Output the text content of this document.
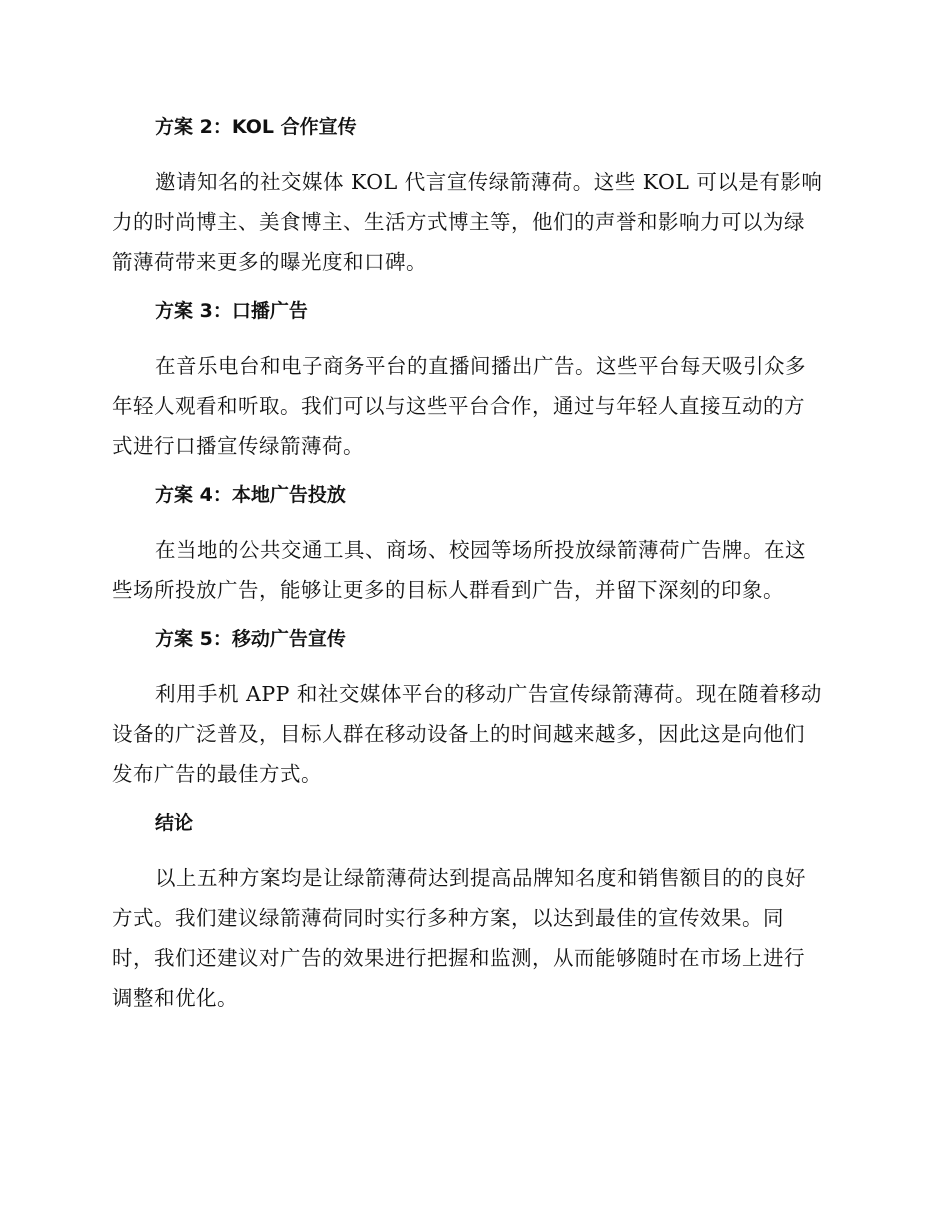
方案 2：KOL 合作宣传
邀请知名的社交媒体 KOL 代言宣传绿箭薄荷。这些 KOL 可以是有影响
力的时尚博主、美食博主、生活方式博主等，他们的声誉和影响力可以为绿
箭薄荷带来更多的曝光度和口碑。
方案 3：口播广告
在音乐电台和电子商务平台的直播间播出广告。这些平台每天吸引众多
年轻人观看和听取。我们可以与这些平台合作，通过与年轻人直接互动的方
式进行口播宣传绿箭薄荷。
方案 4：本地广告投放
在当地的公共交通工具、商场、校园等场所投放绿箭薄荷广告牌。在这
些场所投放广告，能够让更多的目标人群看到广告，并留下深刻的印象。
方案 5：移动广告宣传
利用手机 APP 和社交媒体平台的移动广告宣传绿箭薄荷。现在随着移动
设备的广泛普及，目标人群在移动设备上的时间越来越多，因此这是向他们
发布广告的最佳方式。
结论
以上五种方案均是让绿箭薄荷达到提高品牌知名度和销售额目的的良好
方式。我们建议绿箭薄荷同时实行多种方案，以达到最佳的宣传效果。同
时，我们还建议对广告的效果进行把握和监测，从而能够随时在市场上进行
调整和优化。
